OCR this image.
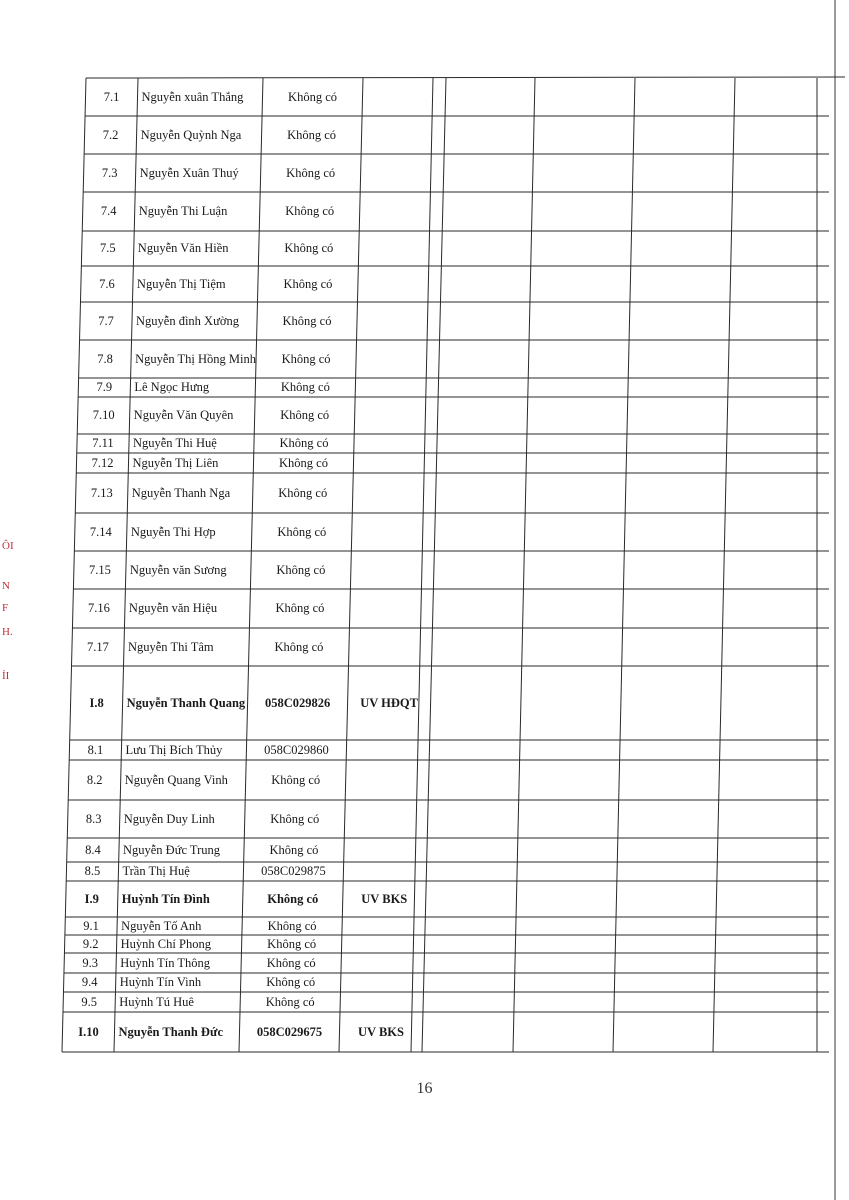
ÔI
N
F
H.
ỈI
7.1 Nguyễn xuân Thắng	Không có
7.2 Nguyễn Quỳnh Nga	Không có
7.3 Nguyễn Xuân Thuý	Không có
7.4 Nguyễn Thi Luận	Không có
7.5 Nguyễn Văn Hiền	Không có
7.6 Nguyễn Thị Tiệm	Không có
7.7 Nguyễn đình Xường	Không có
7.8 Nguyễn Thị Hồng Minh Không có
7.9 Lê Ngọc Hưng	Không có
7.10 Nguyễn Văn Quyên	Không có
7.11 Nguyễn Thi Huệ	Không có
7.12 Nguyễn Thị Liên	Không có
7.13 Nguyễn Thanh Nga	Không có
7.14 Nguyễn Thi Hợp	Không có
7.15 Nguyễn văn Sương	Không có
7.16 Nguyễn văn Hiệu	Không có
7.17 Nguyễn Thi Tâm	Không có
I.8 Nguyễn Thanh Quang 058C029826 UV HĐQT
8.1 Lưu Thị Bích Thủy	058C029860
8.2 Nguyễn Quang Vinh	Không có
8.3 Nguyễn Duy Linh	Không có
8.4 Nguyễn Đức Trung	Không có
8.5 Trần Thị Huệ	058C029875
I.9 Huỳnh Tín Đình	Không có	UV BKS
9.1 Nguyễn Tố Anh	Không có
9.2 Huỳnh Chí Phong	Không có
9.3 Huỳnh Tín Thông	Không có
9.4 Huỳnh Tín Vinh	Không có
9.5 Huỳnh Tú Huê	Không có
I.10 Nguyễn Thanh Đức	058C029675	UV BKS
16
